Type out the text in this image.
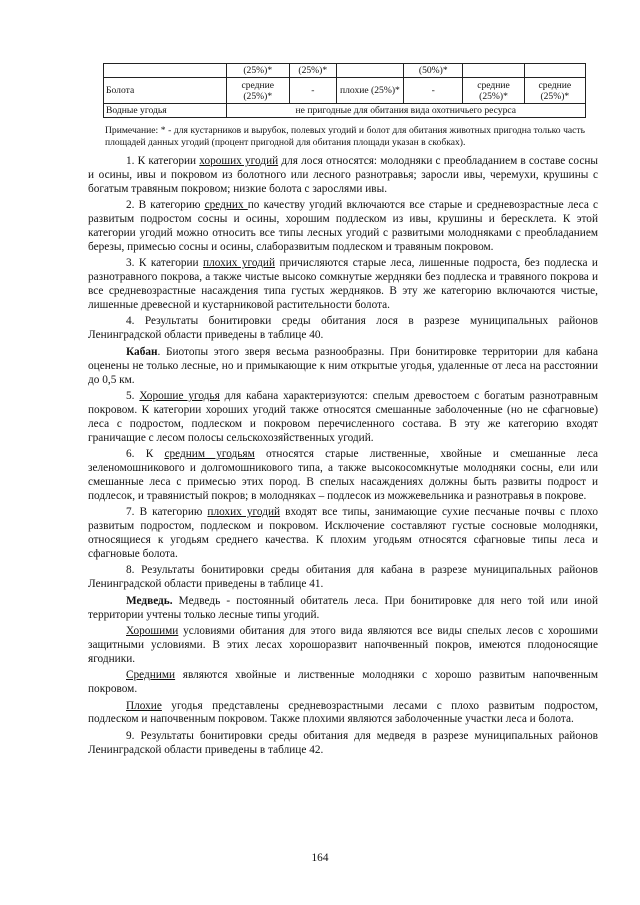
	(25%)*	(25%)*		(50%)*		
Болота	средние (25%)*	-	плохие (25%)*	-	средние (25%)*	средние (25%)*
Водные угодья	не пригодные для обитания вида охотничьего ресурса					
Примечание: * - для кустарников и вырубок, полевых угодий и болот для обитания животных пригодна только часть площадей данных угодий (процент пригодной для обитания площади указан в скобках).

1. К категории хороших угодий для лося относятся: молодняки с преобладанием в составе сосны и осины, ивы и покровом из болотного или лесного разнотравья; заросли ивы, черемухи, крушины с богатым травяным покровом; низкие болота с зарослями ивы.

2. В категорию средних по качеству угодий включаются все старые и средневозрастные леса с развитым подростом сосны и осины, хорошим подлеском из ивы, крушины и бересклета. К этой категории угодий можно относить все типы лесных угодий с развитыми молодняками с преобладанием березы, примесью сосны и осины, слаборазвитым подлеском и травяным покровом.

3. К категории плохих угодий причисляются старые леса, лишенные подроста, без подлеска и разнотравного покрова, а также чистые высоко сомкнутые жердняки без подлеска и травяного покрова и все средневозрастные насаждения типа густых жердняков. В эту же категорию включаются чистые, лишенные древесной и кустарниковой растительности болота.

4. Результаты бонитировки среды обитания лося в разрезе муниципальных районов Ленинградской области приведены в таблице 40.

Кабан. Биотопы этого зверя весьма разнообразны. При бонитировке территории для кабана оценены не только лесные, но и примыкающие к ним открытые угодья, удаленные от леса на расстоянии до 0,5 км.

5. Хорошие угодья для кабана характеризуются: спелым древостоем с богатым разнотравным покровом. К категории хороших угодий также относятся смешанные заболоченные (но не сфагновые) леса с подростом, подлеском и покровом перечисленного состава. В эту же категорию входят граничащие с лесом полосы сельскохозяйственных угодий.

6. К средним угодьям относятся старые лиственные, хвойные и смешанные леса зеленомошникового и долгомошникового типа, а также высокосомкнутые молодняки сосны, ели или смешанные леса с примесью этих пород. В спелых насаждениях должны быть развиты подрост и подлесок, и травянистый покров; в молодняках – подлесок из можжевельника и разнотравья в покрове.

7. В категорию плохих угодий входят все типы, занимающие сухие песчаные почвы с плохо развитым подростом, подлеском и покровом. Исключение составляют густые сосновые молодняки, относящиеся к угодьям среднего качества. К плохим угодьям относятся сфагновые типы леса и сфагновые болота.

8. Результаты бонитировки среды обитания для кабана в разрезе муниципальных районов Ленинградской области приведены в таблице 41.

Медведь. Медведь - постоянный обитатель леса. При бонитировке для него той или иной территории учтены только лесные типы угодий.

Хорошими условиями обитания для этого вида являются все виды спелых лесов с хорошими защитными условиями. В этих лесах хорошоразвит напочвенный покров, имеются плодоносящие ягодники.

Средними являются хвойные и лиственные молодняки с хорошо развитым напочвенным покровом.

Плохие угодья представлены средневозрастными лесами с плохо развитым подростом, подлеском и напочвенным покровом. Также плохими являются заболоченные участки леса и болота.

9. Результаты бонитировки среды обитания для медведя в разрезе муниципальных районов Ленинградской области приведены в таблице 42.

164
